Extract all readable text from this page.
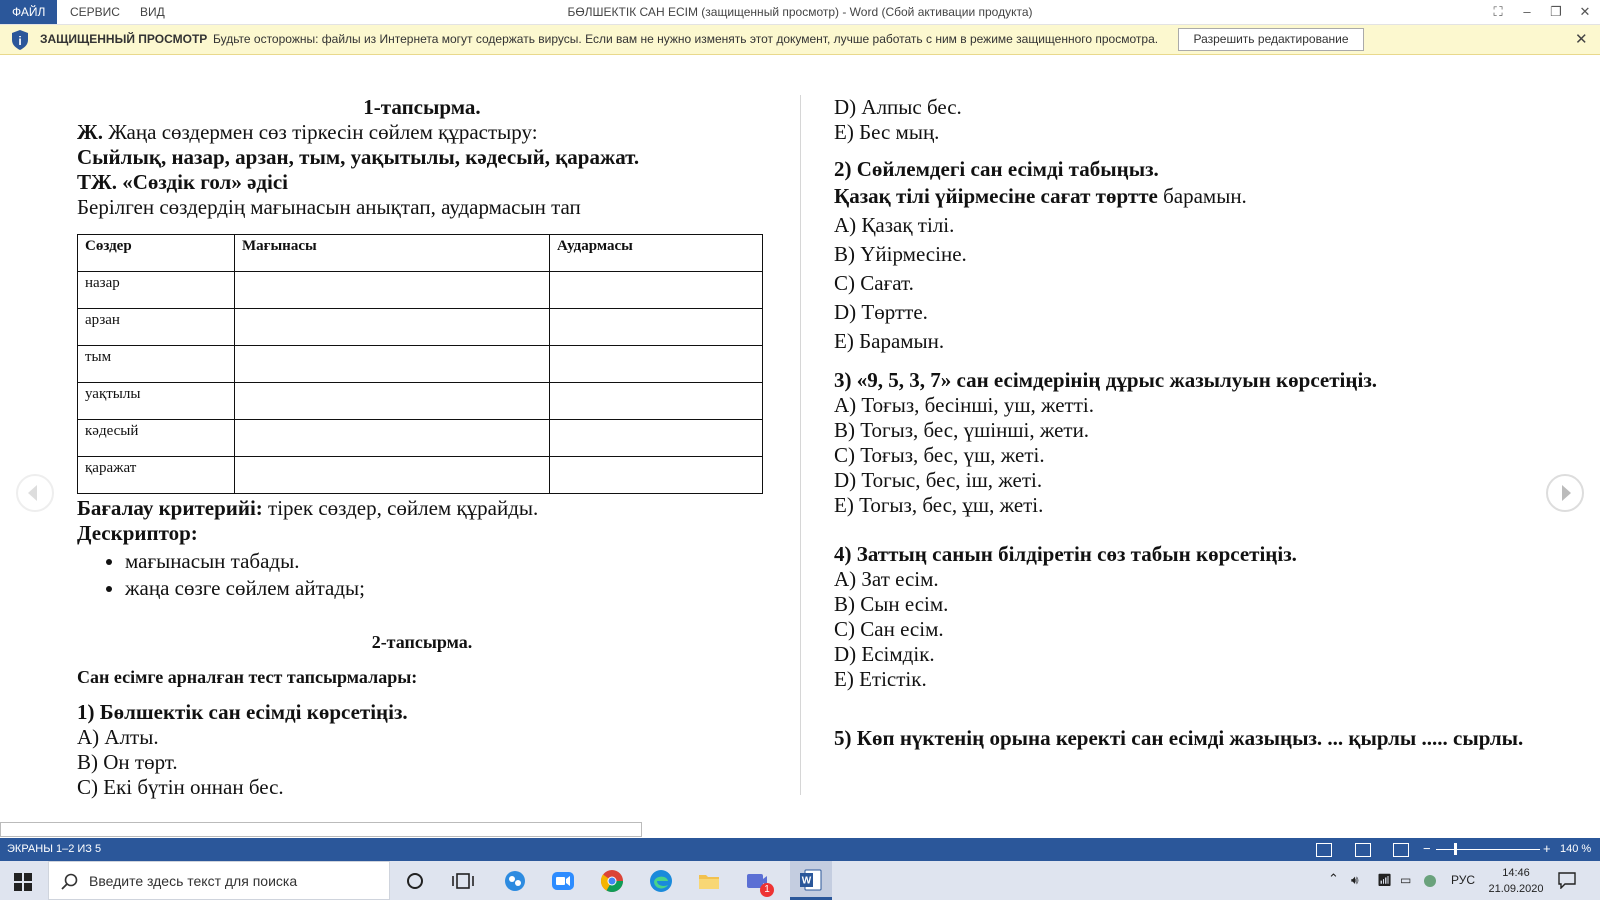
ФАЙЛ	СЕРВИС	ВИД	БӨЛШЕКТІК САН ЕСІМ (защищенный просмотр) - Word (Сбой активации продукта)	⛶	–	❐	✕
i ЗАЩИЩЕННЫЙ ПРОСМОТР Будьте осторожны: файлы из Интернета могут содержать вирусы. Если вам не нужно изменять этот документ, лучше работать с ним в режиме защищенного просмотра.	Разрешить редактирование	✕

1-тапсырма.

Ж. Жаңа сөздермен сөз тіркесін сөйлем құрастыру:

Сыйлық, назар, арзан, тым, уақытылы, кәдесый, қаражат.

ТЖ. «Сөздік гол» әдісі

Берілген сөздердің мағынасын анықтап, аудармасын тап

Сөздер	Мағынасы	Аудармасы
назар		
арзан		
тым		
уақтылы		
кәдесый		
қаражат		

Бағалау критерийі: тірек сөздер, сөйлем құрайды.

Дескриптор:

• мағынасын табады.
• жаңа сөзге сөйлем айтады;

2-тапсырма.

Сан есімге арналған тест тапсырмалары:

1) Бөлшектік сан есімді көрсетіңіз.

А) Алты.

В) Он төрт.

С) Екі бүтін оннан бес.

D) Алпыс бес.

Е) Бес мың.

2) Сөйлемдегі сан есімді табыңыз.

Қазақ тілі үйірмесіне сағат төртте барамын.

А) Қазақ тілі.

В) Үйірмесіне.

С) Сағат.

D) Төртте.

Е) Барамын.

3) «9, 5, 3, 7» сан есімдерінің дұрыс жазылуын көрсетіңіз.

А) Тоғыз, бесінші, уш, жетті.

В) Тогыз, бес, үшінші, жети.

С) Тоғыз, бес, үш, жеті.

D) Тогыс, бес, іш, жеті.

Е) Тогыз, бес, ұш, жеті.

4) Заттың санын білдіретін сөз табын көрсетіңіз.

А) Зат есім.

В) Сын есім.

С) Сан есім.

D) Есімдік.

Е) Етістік.

5) Көп нүктенің орына керекті сан есімді жазыңыз. ... қырлы ..... сырлы.

ЭКРАНЫ 1–2 ИЗ 5	−	+ 140 %
Введите здесь текст для поиска
1
W	⌃ 🔊︎ 📶︎ ▭	РУС	14:46
21.09.2020
